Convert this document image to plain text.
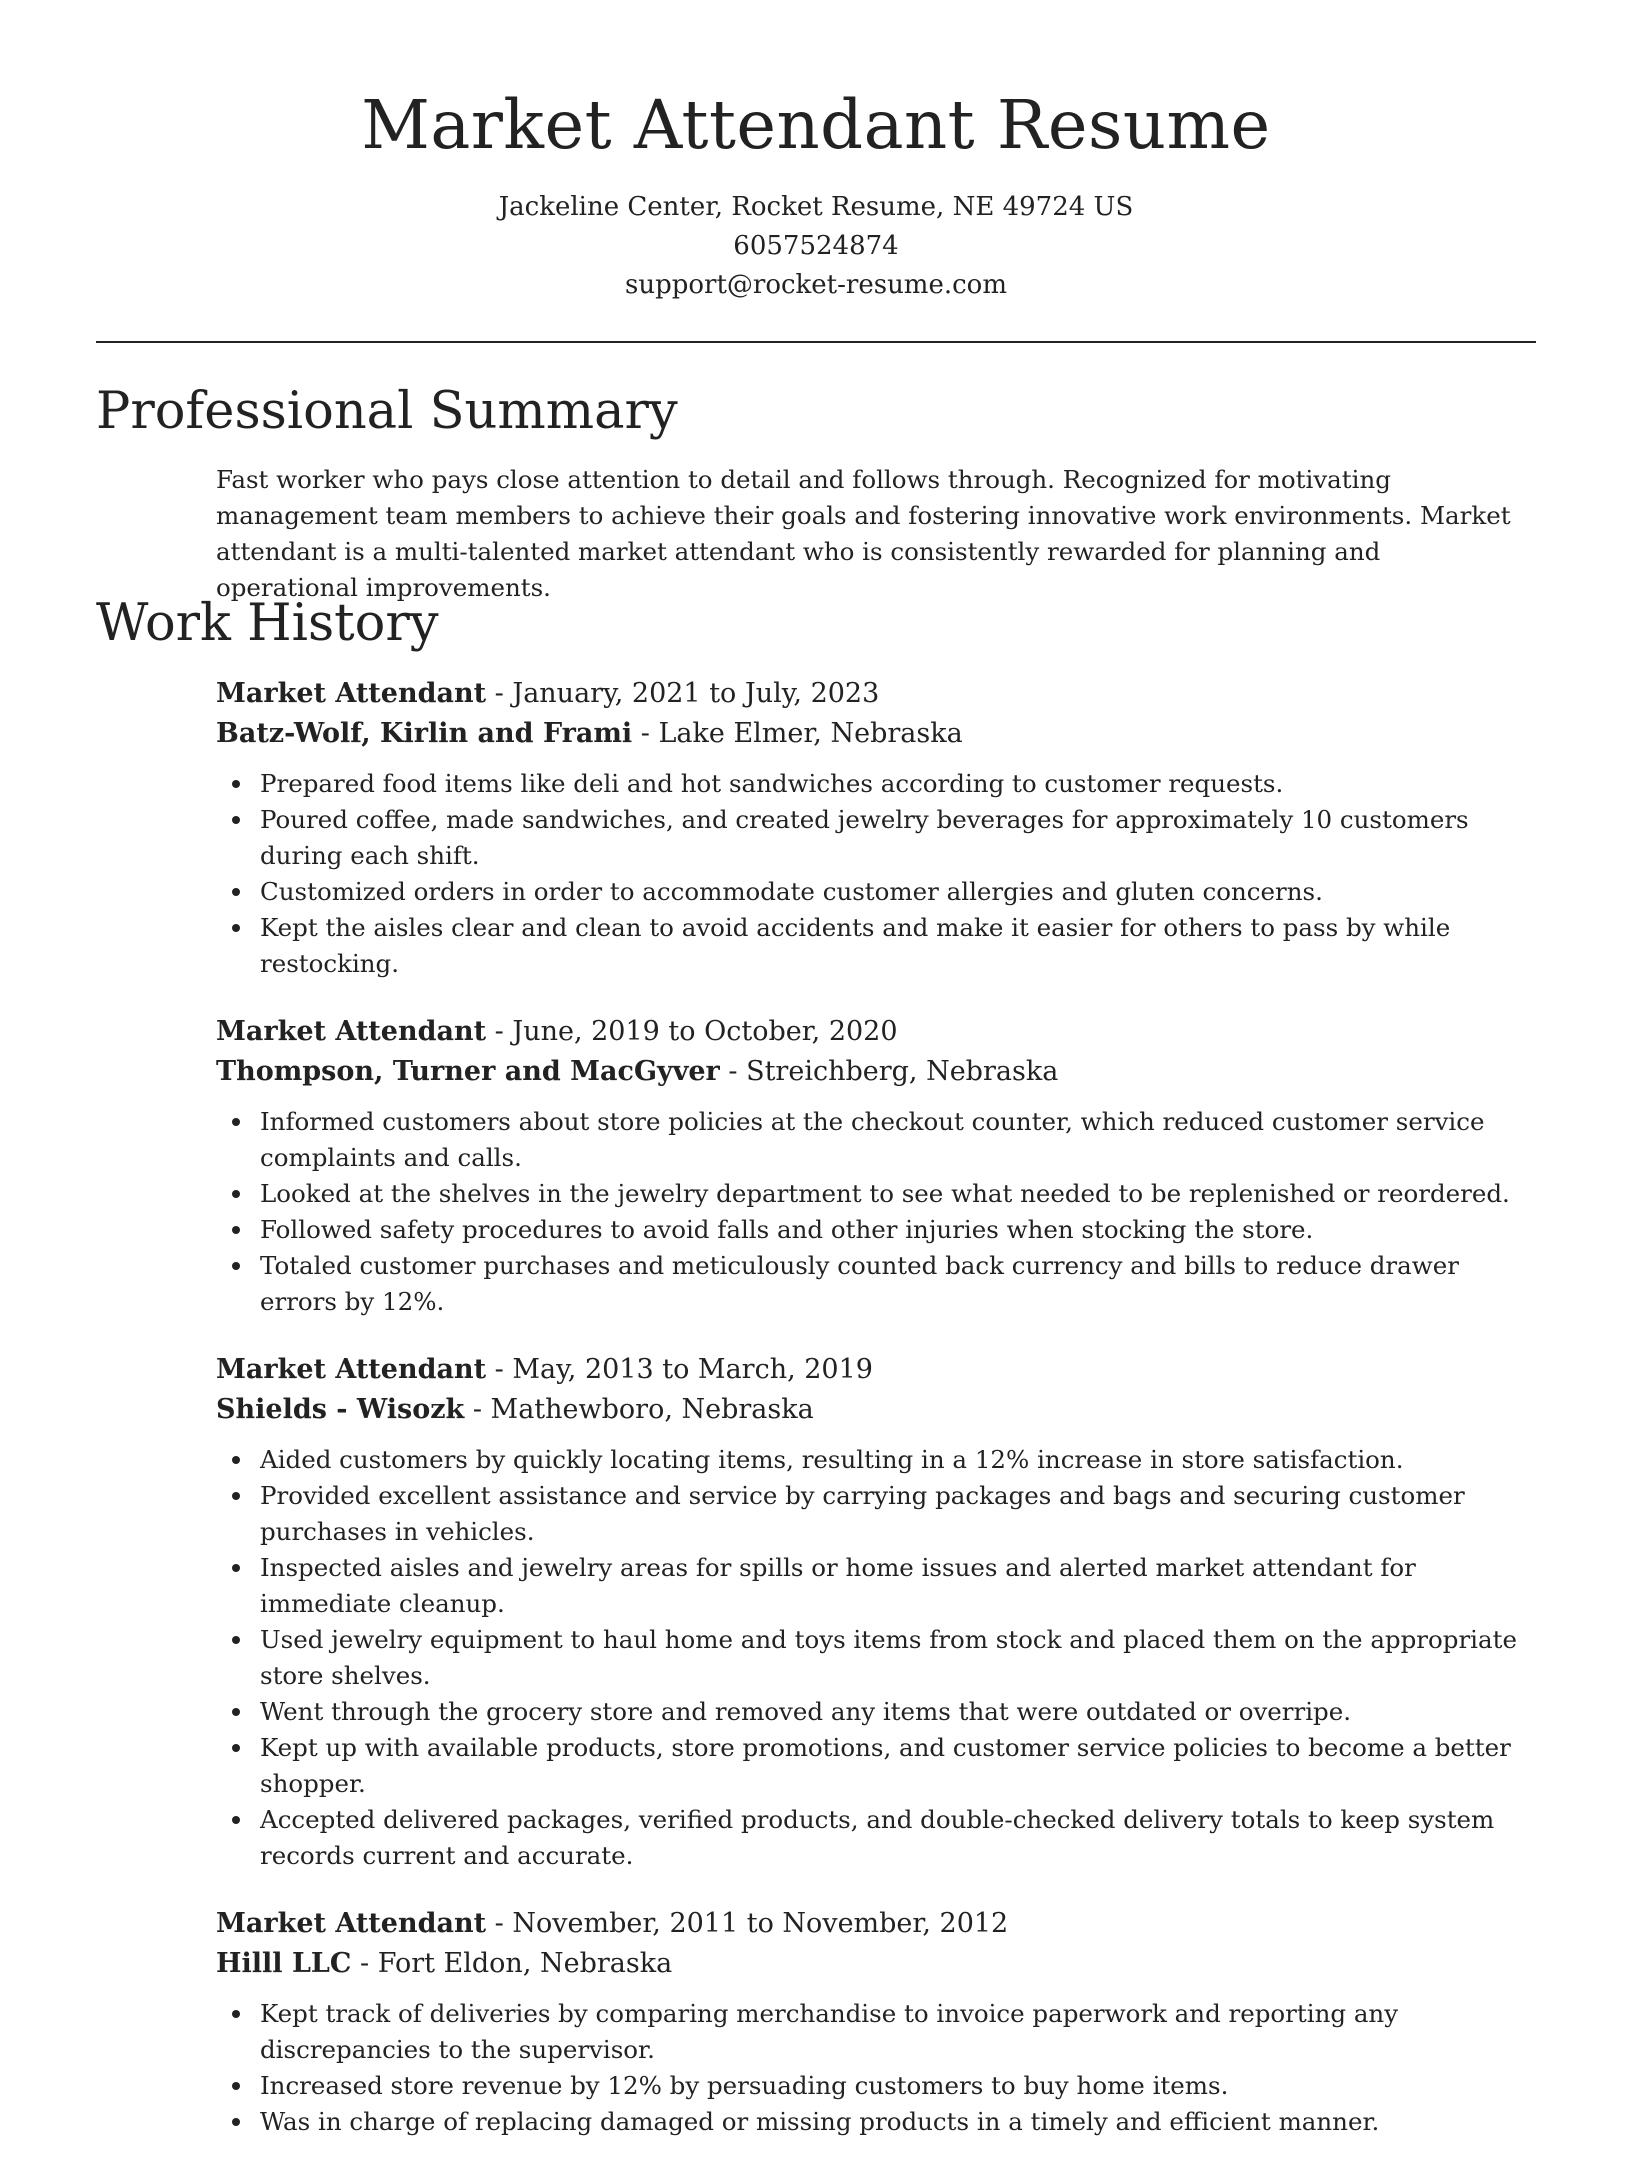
Market Attendant Resume
Jackeline Center, Rocket Resume, NE 49724 US
6057524874
support@rocket-resume.com
Professional Summary
Fast worker who pays close attention to detail and follows through. Recognized for motivating management team members to achieve their goals and fostering innovative work environments. Market attendant is a multi-talented market attendant who is consistently rewarded for planning and operational improvements.
Work History
Market Attendant - January, 2021 to July, 2023
Batz-Wolf, Kirlin and Frami - Lake Elmer, Nebraska
Prepared food items like deli and hot sandwiches according to customer requests.
Poured coffee, made sandwiches, and created jewelry beverages for approximately 10 customers during each shift.
Customized orders in order to accommodate customer allergies and gluten concerns.
Kept the aisles clear and clean to avoid accidents and make it easier for others to pass by while restocking.
Market Attendant - June, 2019 to October, 2020
Thompson, Turner and MacGyver - Streichberg, Nebraska
Informed customers about store policies at the checkout counter, which reduced customer service complaints and calls.
Looked at the shelves in the jewelry department to see what needed to be replenished or reordered.
Followed safety procedures to avoid falls and other injuries when stocking the store.
Totaled customer purchases and meticulously counted back currency and bills to reduce drawer errors by 12%.
Market Attendant - May, 2013 to March, 2019
Shields - Wisozk - Mathewboro, Nebraska
Aided customers by quickly locating items, resulting in a 12% increase in store satisfaction.
Provided excellent assistance and service by carrying packages and bags and securing customer purchases in vehicles.
Inspected aisles and jewelry areas for spills or home issues and alerted market attendant for immediate cleanup.
Used jewelry equipment to haul home and toys items from stock and placed them on the appropriate store shelves.
Went through the grocery store and removed any items that were outdated or overripe.
Kept up with available products, store promotions, and customer service policies to become a better shopper.
Accepted delivered packages, verified products, and double-checked delivery totals to keep system records current and accurate.
Market Attendant - November, 2011 to November, 2012
Hilll LLC - Fort Eldon, Nebraska
Kept track of deliveries by comparing merchandise to invoice paperwork and reporting any discrepancies to the supervisor.
Increased store revenue by 12% by persuading customers to buy home items.
Was in charge of replacing damaged or missing products in a timely and efficient manner.
